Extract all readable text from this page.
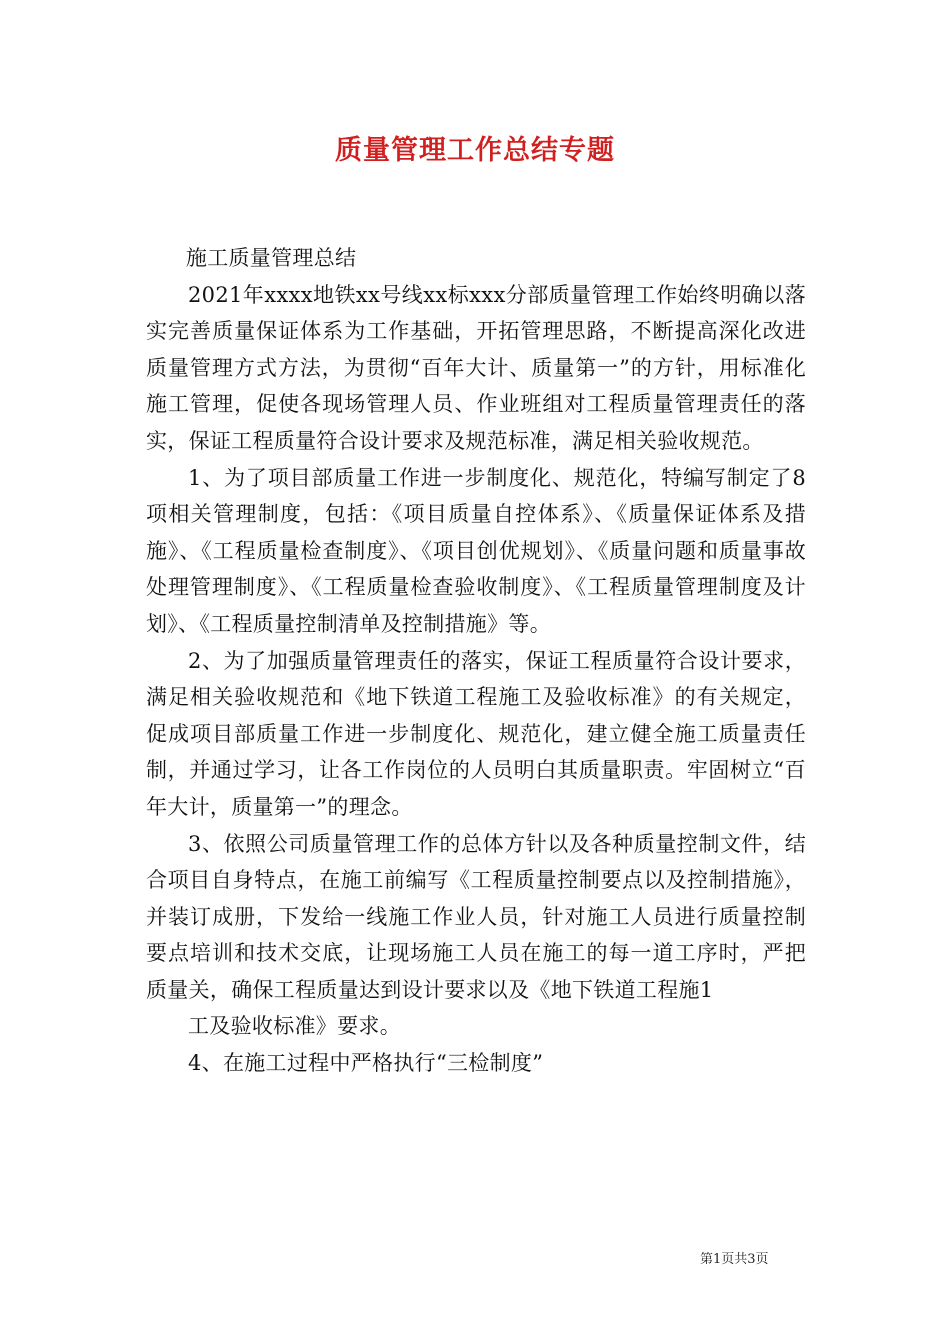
质量管理工作总结专题

施工质量管理总结

2021年xxxx地铁xx号线xx标xxx分部质量管理工作始终明确以落实完善质量保证体系为工作基础，开拓管理思路，不断提高深化改进质量管理方式方法，为贯彻“百年大计、质量第一”的方针，用标准化施工管理，促使各现场管理人员、作业班组对工程质量管理责任的落实，保证工程质量符合设计要求及规范标准，满足相关验收规范。

1、为了项目部质量工作进一步制度化、规范化，特编写制定了8项相关管理制度，包括：《项目质量自控体系》、《质量保证体系及措施》、《工程质量检查制度》、《项目创优规划》、《质量问题和质量事故处理管理制度》、《工程质量检查验收制度》、《工程质量管理制度及计划》、《工程质量控制清单及控制措施》等。

2、为了加强质量管理责任的落实，保证工程质量符合设计要求，满足相关验收规范和《地下铁道工程施工及验收标准》的有关规定，促成项目部质量工作进一步制度化、规范化，建立健全施工质量责任制，并通过学习，让各工作岗位的人员明白其质量职责。牢固树立“百年大计，质量第一”的理念。

3、依照公司质量管理工作的总体方针以及各种质量控制文件，结合项目自身特点，在施工前编写《工程质量控制要点以及控制措施》，并装订成册，下发给一线施工作业人员，针对施工人员进行质量控制要点培训和技术交底，让现场施工人员在施工的每一道工序时，严把质量关，确保工程质量达到设计要求以及《地下铁道工程施1

工及验收标准》要求。

4、在施工过程中严格执行“三检制度”

第1页共3页
